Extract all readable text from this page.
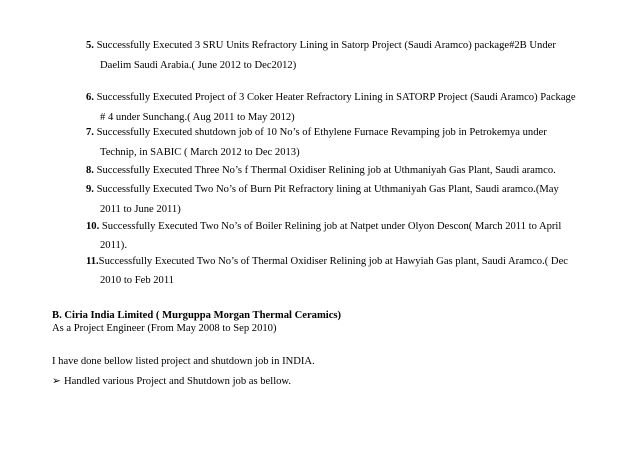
5. Successfully Executed 3 SRU Units Refractory Lining in Satorp Project (Saudi Aramco) package#2B Under
Daelim Saudi Arabia.( June 2012 to Dec2012)
6. Successfully Executed Project of 3 Coker Heater Refractory Lining in SATORP Project (Saudi Aramco) Package
# 4 under Sunchang.( Aug 2011 to May 2012)
7. Successfully Executed shutdown job of 10 No’s of Ethylene Furnace Revamping job in Petrokemya under
Technip, in SABIC ( March 2012 to Dec 2013)
8. Successfully Executed Three No’s f Thermal Oxidiser Relining job at Uthmaniyah Gas Plant, Saudi aramco.
9. Successfully Executed Two No’s of Burn Pit Refractory lining at Uthmaniyah Gas Plant, Saudi aramco.(May
2011 to June 2011)
10. Successfully Executed Two No’s of Boiler Relining job at Natpet under Olyon Descon( March 2011 to April
2011).
11.Successfully Executed Two No’s of Thermal Oxidiser Relining job at Hawyiah Gas plant, Saudi Aramco.( Dec
2010 to Feb 2011
B. Ciria India Limited ( Murguppa Morgan Thermal Ceramics)
As a Project Engineer (From May 2008 to Sep 2010)
I have done bellow listed project and shutdown job in INDIA.
➢ Handled various Project and Shutdown job as bellow.
